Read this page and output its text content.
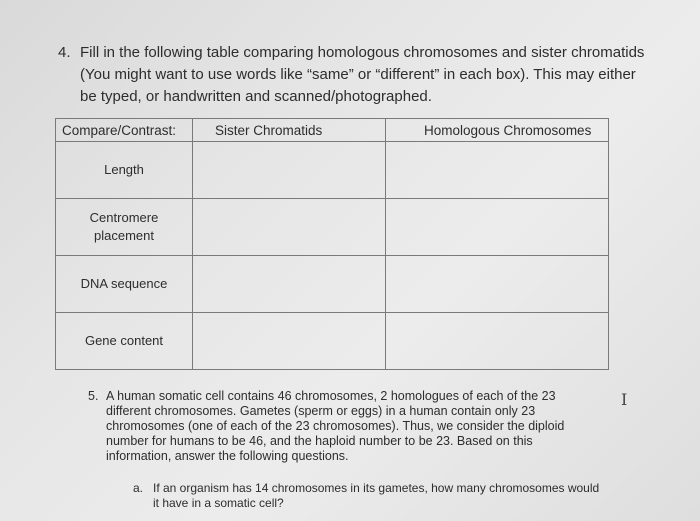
4. Fill in the following table comparing homologous chromosomes and sister chromatids (You might want to use words like “same” or “different” in each box). This may either be typed, or handwritten and scanned/photographed.
Compare/Contrast:	Sister Chromatids	Homologous Chromosomes
Length		
Centromere placement		
DNA sequence		
Gene content		
5. A human somatic cell contains 46 chromosomes, 2 homologues of each of the 23 different chromosomes. Gametes (sperm or eggs) in a human contain only 23 chromosomes (one of each of the 23 chromosomes). Thus, we consider the diploid number for humans to be 46, and the haploid number to be 23. Based on this information, answer the following questions.
a. If an organism has 14 chromosomes in its gametes, how many chromosomes would it have in a somatic cell?
I
